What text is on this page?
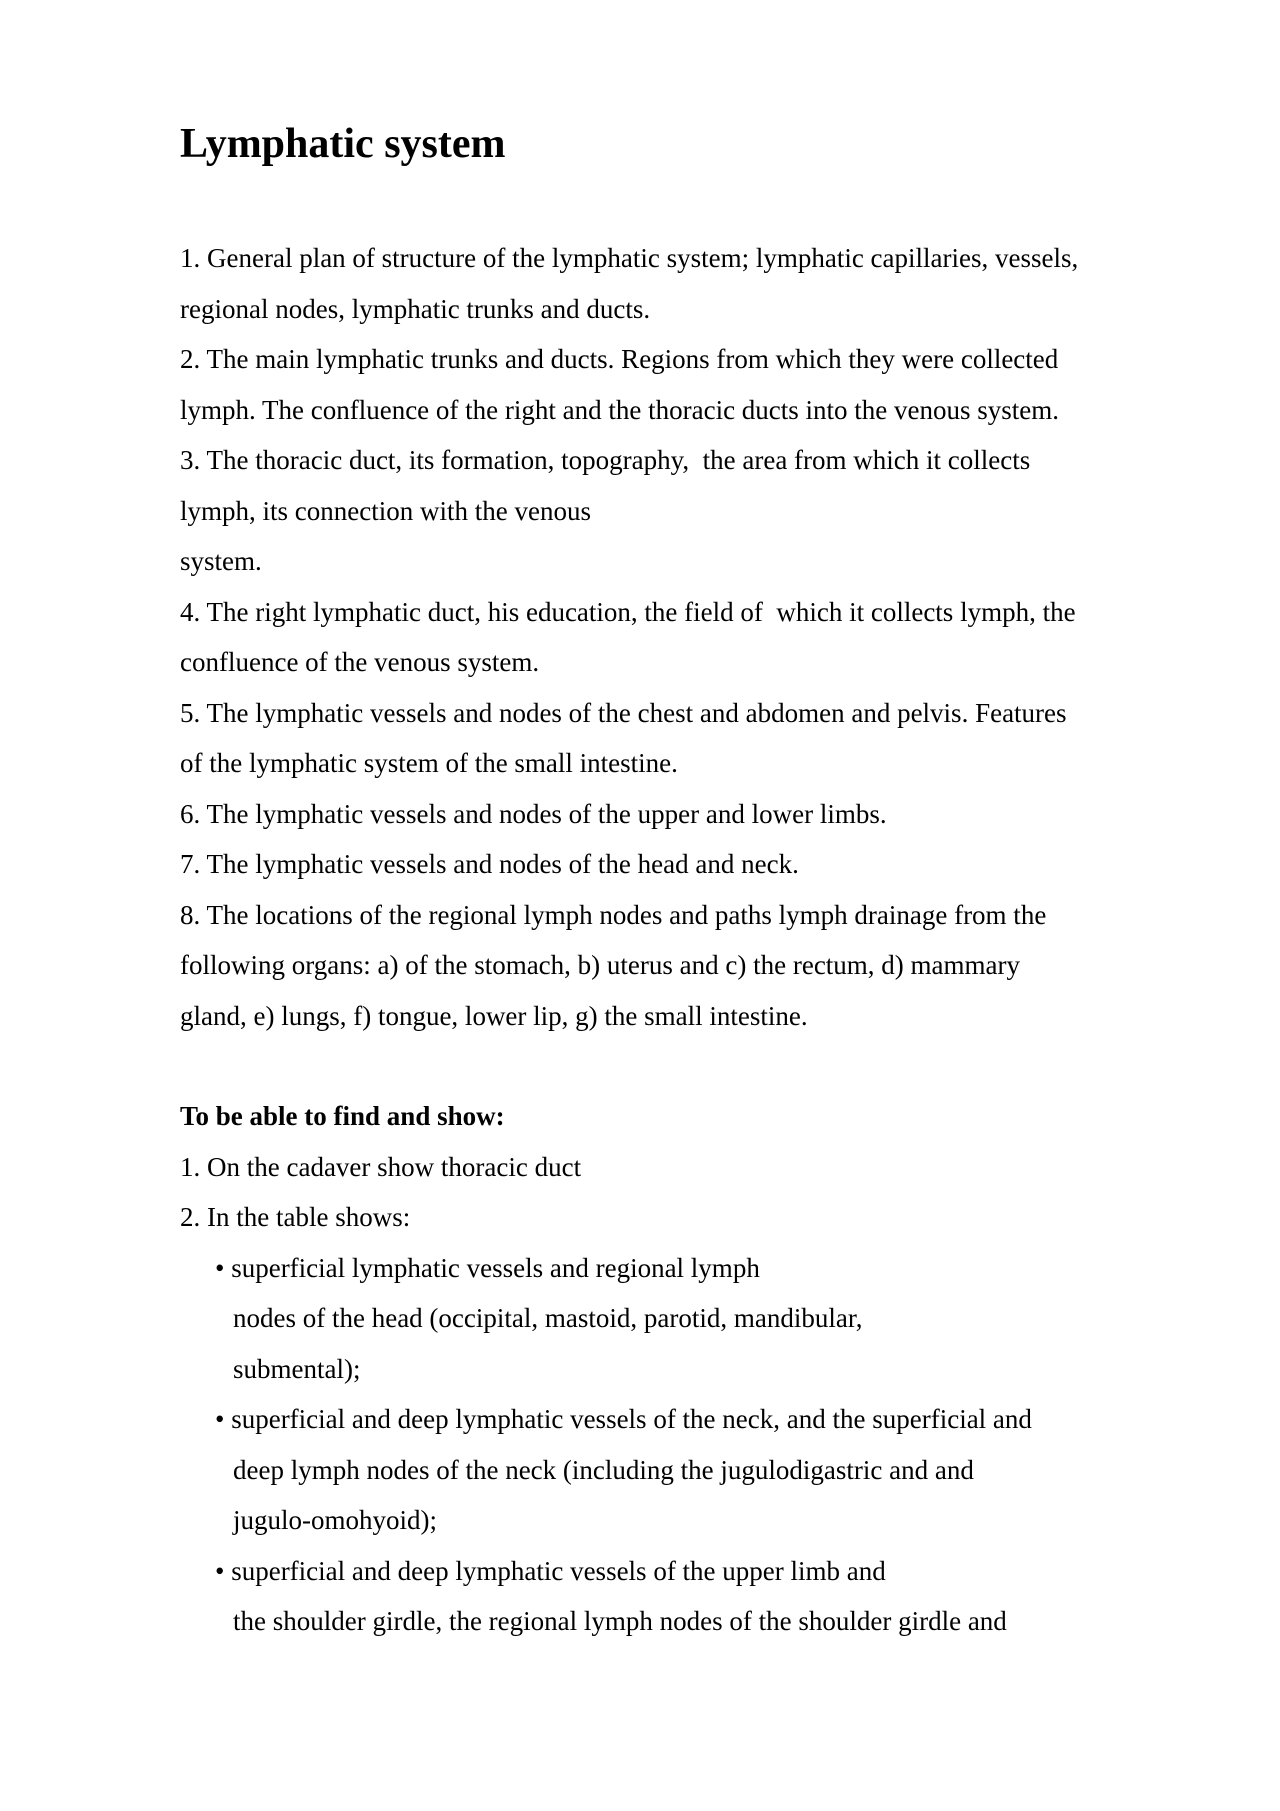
Lymphatic system
1. General plan of structure of the lymphatic system; lymphatic capillaries, vessels,
regional nodes, lymphatic trunks and ducts.
2. The main lymphatic trunks and ducts. Regions from which they were collected
lymph. The confluence of the right and the thoracic ducts into the venous system.
3. The thoracic duct, its formation, topography,  the area from which it collects
lymph, its connection with the venous
system.
4. The right lymphatic duct, his education, the field of  which it collects lymph, the
confluence of the venous system.
5. The lymphatic vessels and nodes of the chest and abdomen and pelvis. Features
of the lymphatic system of the small intestine.
6. The lymphatic vessels and nodes of the upper and lower limbs.
7. The lymphatic vessels and nodes of the head and neck.
8. The locations of the regional lymph nodes and paths lymph drainage from the
following organs: a) of the stomach, b) uterus and c) the rectum, d) mammary
gland, e) lungs, f) tongue, lower lip, g) the small intestine.
To be able to find and show:
1. On the cadaver show thoracic duct
2. In the table shows:
• superficial lymphatic vessels and regional lymph
nodes of the head (occipital, mastoid, parotid, mandibular,
submental);
• superficial and deep lymphatic vessels of the neck, and the superficial and
deep lymph nodes of the neck (including the jugulodigastric and and
jugulo-omohyoid);
• superficial and deep lymphatic vessels of the upper limb and
the shoulder girdle, the regional lymph nodes of the shoulder girdle and
